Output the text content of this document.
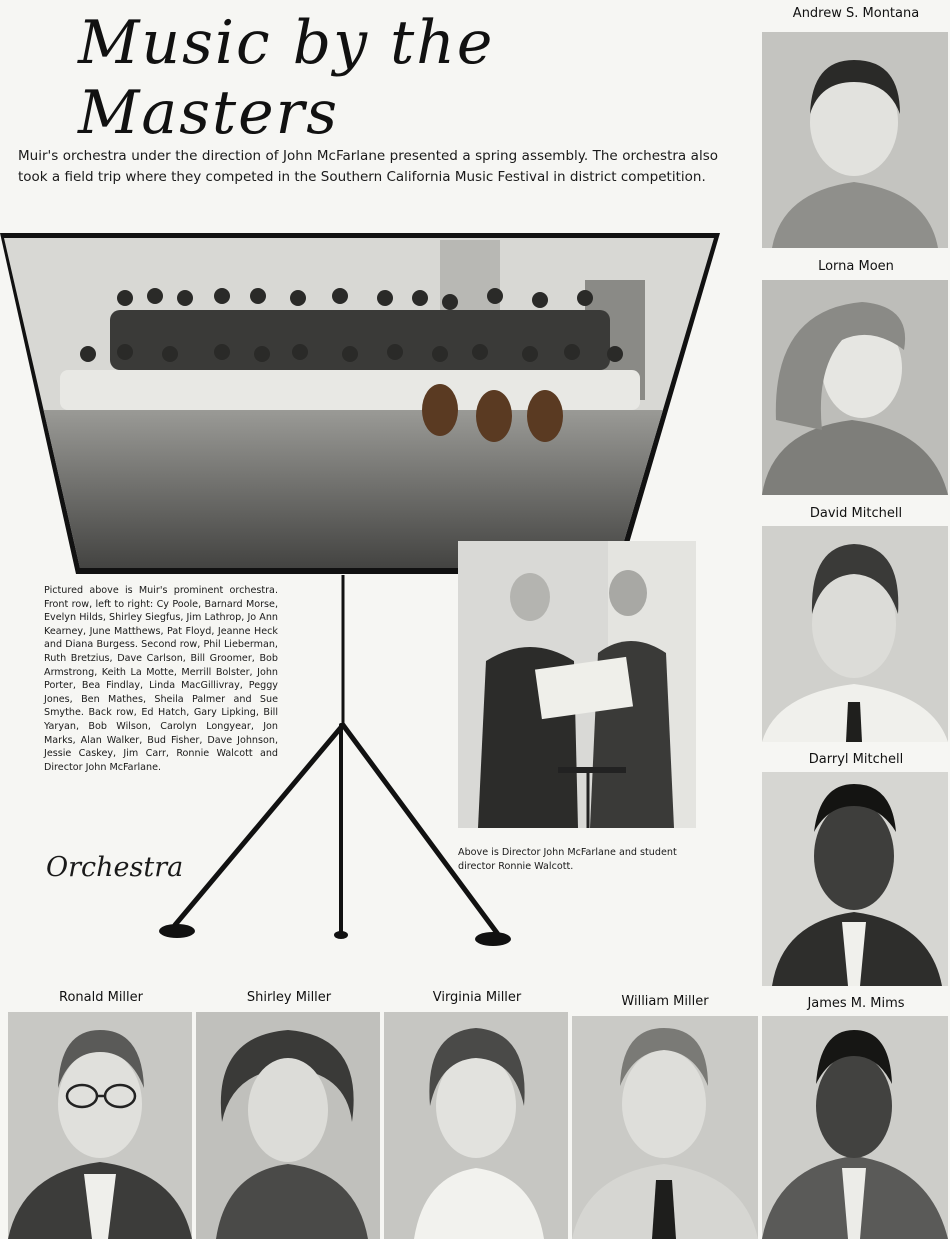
Music by the Masters
Muir's orchestra under the direction of John McFarlane presented a spring assembly. The orchestra also took a field trip where they competed in the Southern California Music Festival in district competition.
Pictured above is Muir's prominent orchestra. Front row, left to right: Cy Poole, Barnard Morse, Evelyn Hilds, Shirley Siegfus, Jim Lathrop, Jo Ann Kearney, June Matthews, Pat Floyd, Jeanne Heck and Diana Burgess. Second row, Phil Lieberman, Ruth Bretzius, Dave Carlson, Bill Groomer, Bob Armstrong, Keith La Motte, Merrill Bolster, John Porter, Bea Findlay, Linda MacGillivray, Peggy Jones, Ben Mathes, Sheila Palmer and Sue Smythe. Back row, Ed Hatch, Gary Lipking, Bill Yaryan, Bob Wilson, Carolyn Longyear, Jon Marks, Alan Walker, Bud Fisher, Dave Johnson, Jessie Caskey, Jim Carr, Ronnie Walcott and Director John McFarlane.
Orchestra	Above is Director John McFarlane and student director Ronnie Walcott.
Andrew S. Montana
Lorna Moen
David Mitchell
Darryl Mitchell
James M. Mims
Ronald Miller	Shirley Miller	Virginia Miller	William Miller
